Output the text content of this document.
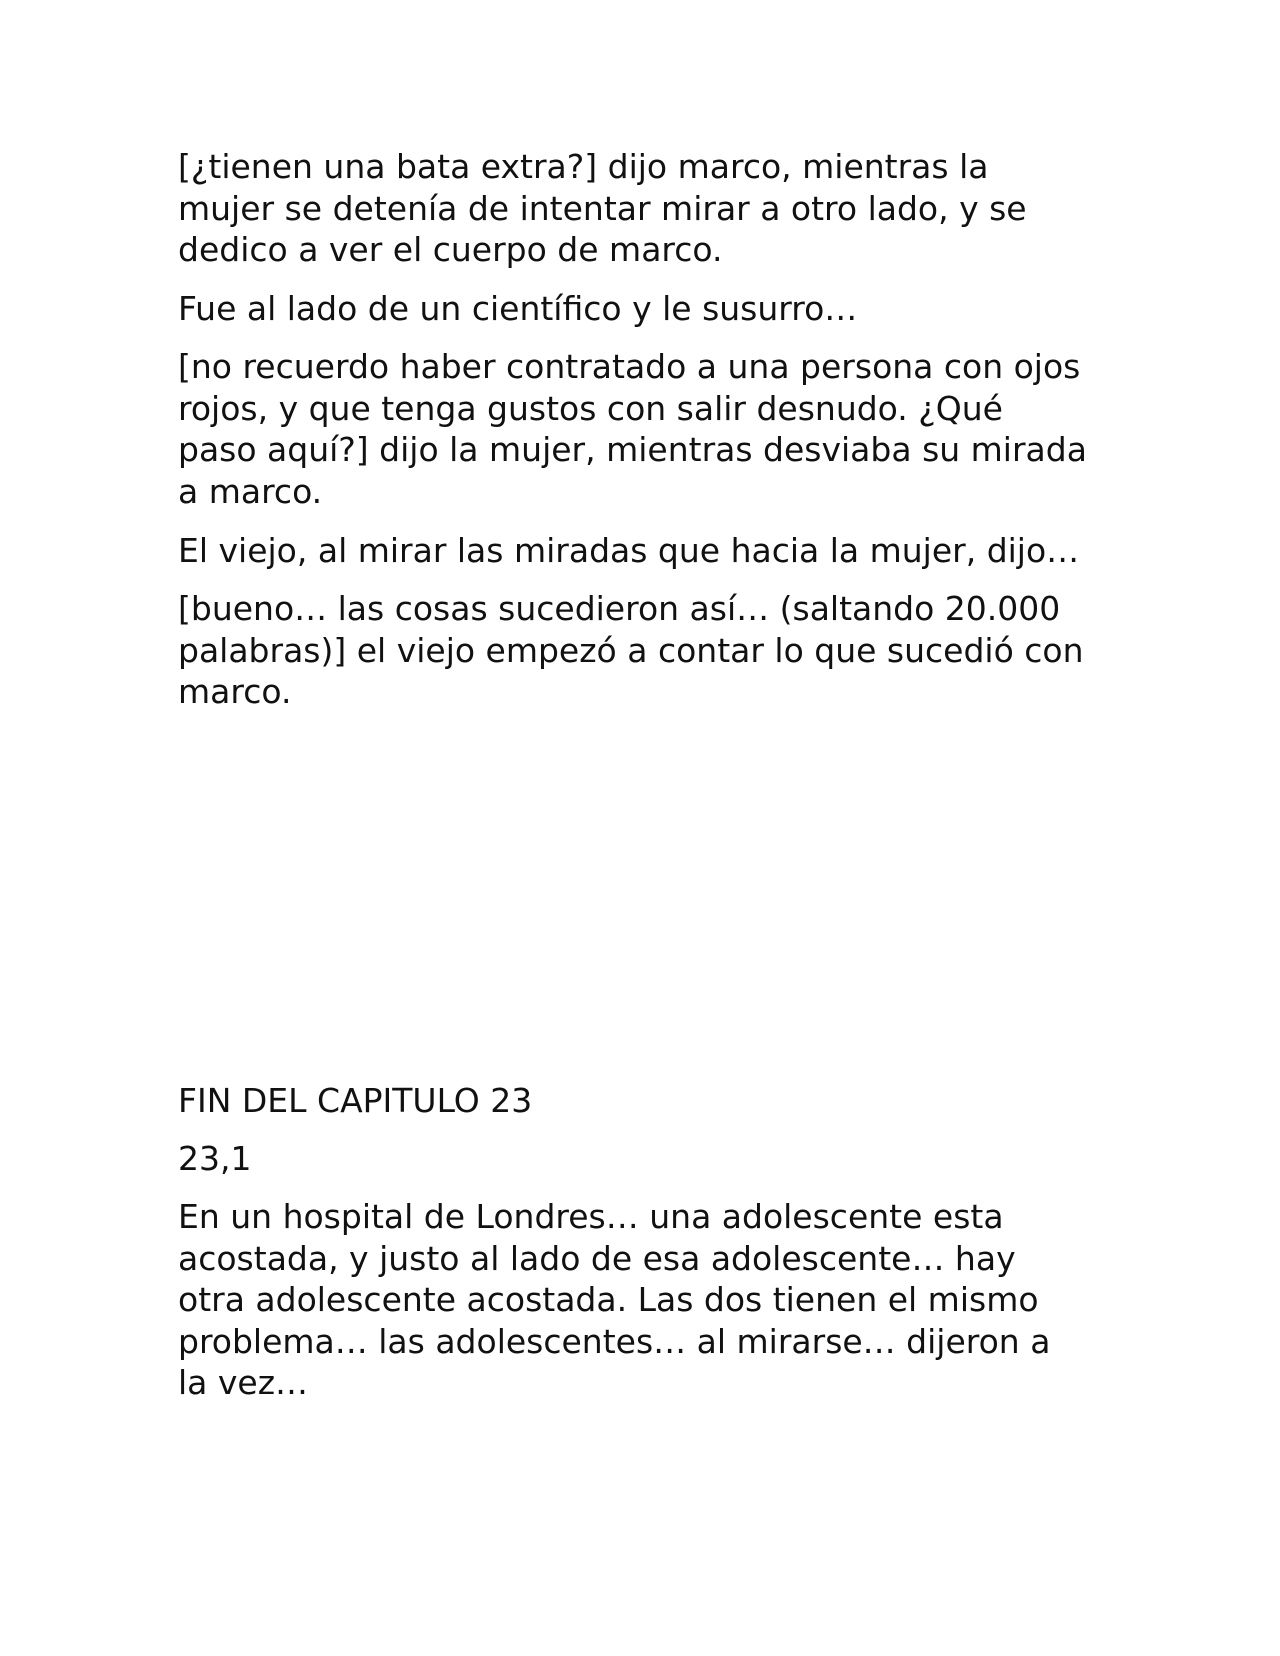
[¿tienen una bata extra?] dijo marco, mientras la
mujer se detenía de intentar mirar a otro lado, y se
dedico a ver el cuerpo de marco.

Fue al lado de un científico y le susurro…

[no recuerdo haber contratado a una persona con ojos
rojos, y que tenga gustos con salir desnudo. ¿Qué
paso aquí?] dijo la mujer, mientras desviaba su mirada
a marco.

El viejo, al mirar las miradas que hacia la mujer, dijo…

[bueno… las cosas sucedieron así… (saltando 20.000
palabras)] el viejo empezó a contar lo que sucedió con
marco.

FIN DEL CAPITULO 23

23,1

En un hospital de Londres… una adolescente esta
acostada, y justo al lado de esa adolescente… hay
otra adolescente acostada. Las dos tienen el mismo
problema… las adolescentes… al mirarse… dijeron a
la vez…
